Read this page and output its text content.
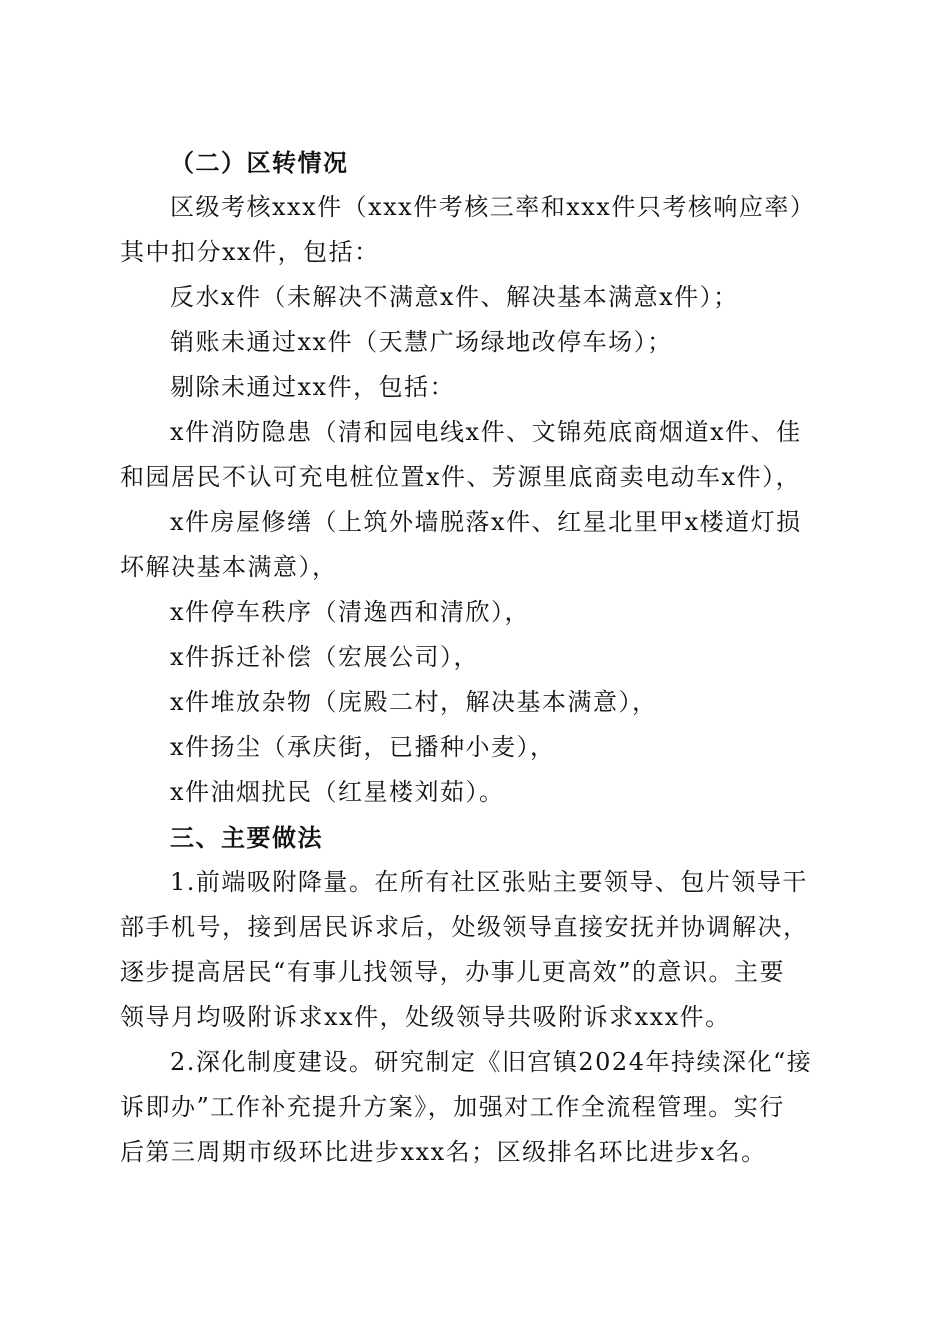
（二）区转情况

区级考核xxx件（xxx件考核三率和xxx件只考核响应率）

其中扣分xx件，包括：

反水x件（未解决不满意x件、解决基本满意x件）；

销账未通过xx件（天慧广场绿地改停车场）；

剔除未通过xx件，包括：

x件消防隐患（清和园电线x件、文锦苑底商烟道x件、佳

和园居民不认可充电桩位置x件、芳源里底商卖电动车x件），

x件房屋修缮（上筑外墙脱落x件、红星北里甲x楼道灯损

坏解决基本满意），

x件停车秩序（清逸西和清欣），

x件拆迁补偿（宏展公司），

x件堆放杂物（庑殿二村，解决基本满意），

x件扬尘（承庆街，已播种小麦），

x件油烟扰民（红星楼刘茹）。

三、主要做法

1.前端吸附降量。在所有社区张贴主要领导、包片领导干

部手机号，接到居民诉求后，处级领导直接安抚并协调解决，

逐步提高居民“有事儿找领导，办事儿更高效”的意识。主要

领导月均吸附诉求xx件，处级领导共吸附诉求xxx件。

2.深化制度建设。研究制定《旧宫镇2024年持续深化“接

诉即办”工作补充提升方案》，加强对工作全流程管理。实行

后第三周期市级环比进步xxx名；区级排名环比进步x名。
